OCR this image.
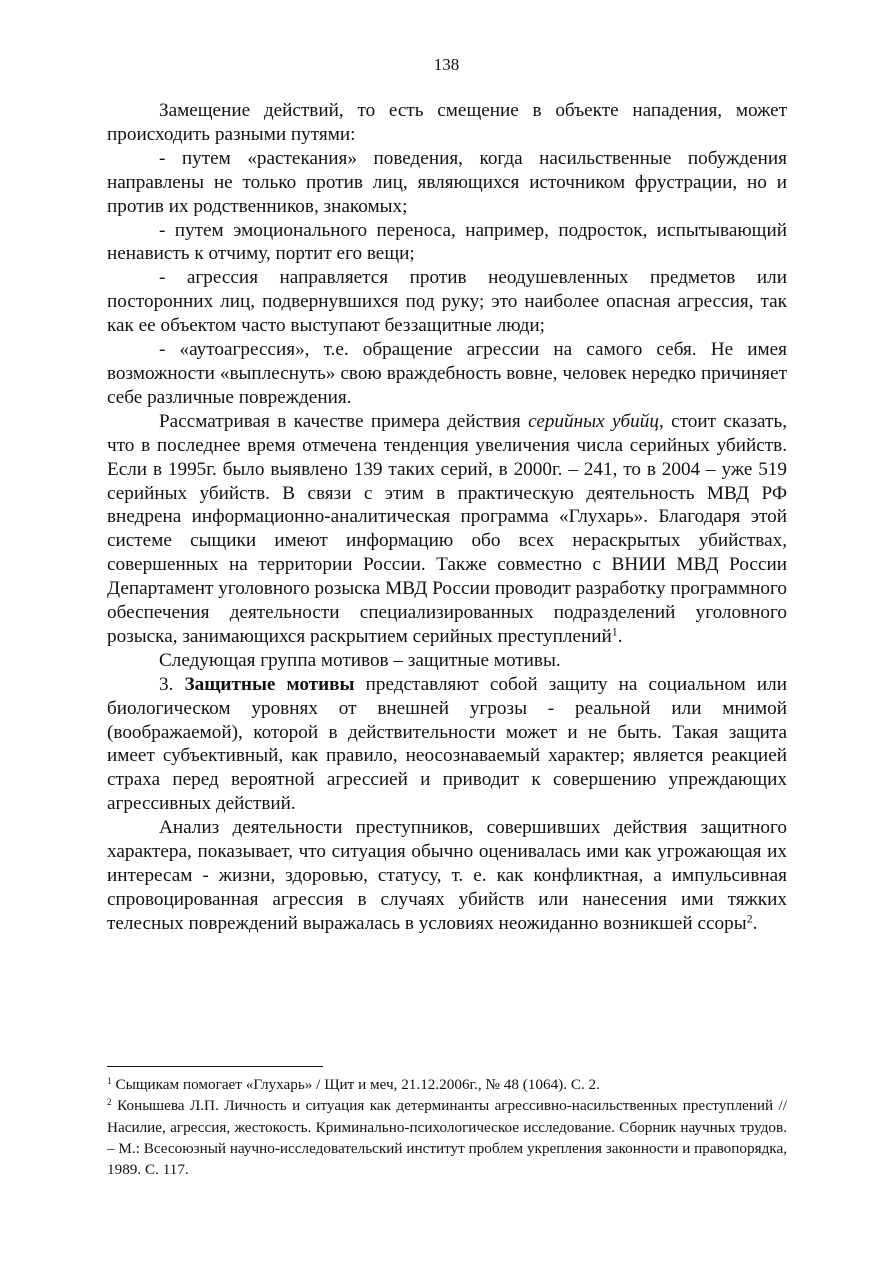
138

Замещение действий, то есть смещение в объекте нападения, может происходить разными путями:

- путем «растекания» поведения, когда насильственные побуждения направлены не только против лиц, являющихся источником фрустрации, но и против их родственников, знакомых;

- путем эмоционального переноса, например, подросток, испытывающий ненависть к отчиму, портит его вещи;

- агрессия направляется против неодушевленных предметов или посторонних лиц, подвернувшихся под руку; это наиболее опасная агрессия, так как ее объектом часто выступают беззащитные люди;

- «аутоагрессия», т.е. обращение агрессии на самого себя. Не имея возможности «выплеснуть» свою враждебность вовне, человек нередко причиняет себе различные повреждения.

Рассматривая в качестве примера действия серийных убийц, стоит сказать, что в последнее время отмечена тенденция увеличения числа серийных убийств. Если в 1995г. было выявлено 139 таких серий, в 2000г. – 241, то в 2004 – уже 519 серийных убийств. В связи с этим в практическую деятельность МВД РФ внедрена информационно-аналитическая программа «Глухарь». Благодаря этой системе сыщики имеют информацию обо всех нераскрытых убийствах, совершенных на территории России. Также совместно с ВНИИ МВД России Департамент уголовного розыска МВД России проводит разработку программного обеспечения деятельности специализированных подразделений уголовного розыска, занимающихся раскрытием серийных преступлений$^1$.

Следующая группа мотивов – защитные мотивы.

3. Защитные мотивы представляют собой защиту на социальном или биологическом уровнях от внешней угрозы - реальной или мнимой (воображаемой), которой в действительности может и не быть. Такая защита имеет субъективный, как правило, неосознаваемый характер; является реакцией страха перед вероятной агрессией и приводит к совершению упреждающих агрессивных действий.

Анализ деятельности преступников, совершивших действия защитного характера, показывает, что ситуация обычно оценивалась ими как угрожающая их интересам - жизни, здоровью, статусу, т. е. как конфликтная, а импульсивная спровоцированная агрессия в случаях убийств или нанесения ими тяжких телесных повреждений выражалась в условиях неожиданно возникшей ссоры$^2$.

$^1$ Сыщикам помогает «Глухарь» / Щит и меч, 21.12.2006г., № 48 (1064). С. 2.

$^2$ Конышева Л.П. Личность и ситуация как детерминанты агрессивно-насильственных преступлений // Насилие, агрессия, жестокость. Криминально-психологическое исследование. Сборник научных трудов. – М.: Всесоюзный научно-исследовательский институт проблем укрепления законности и правопорядка, 1989. С. 117.
